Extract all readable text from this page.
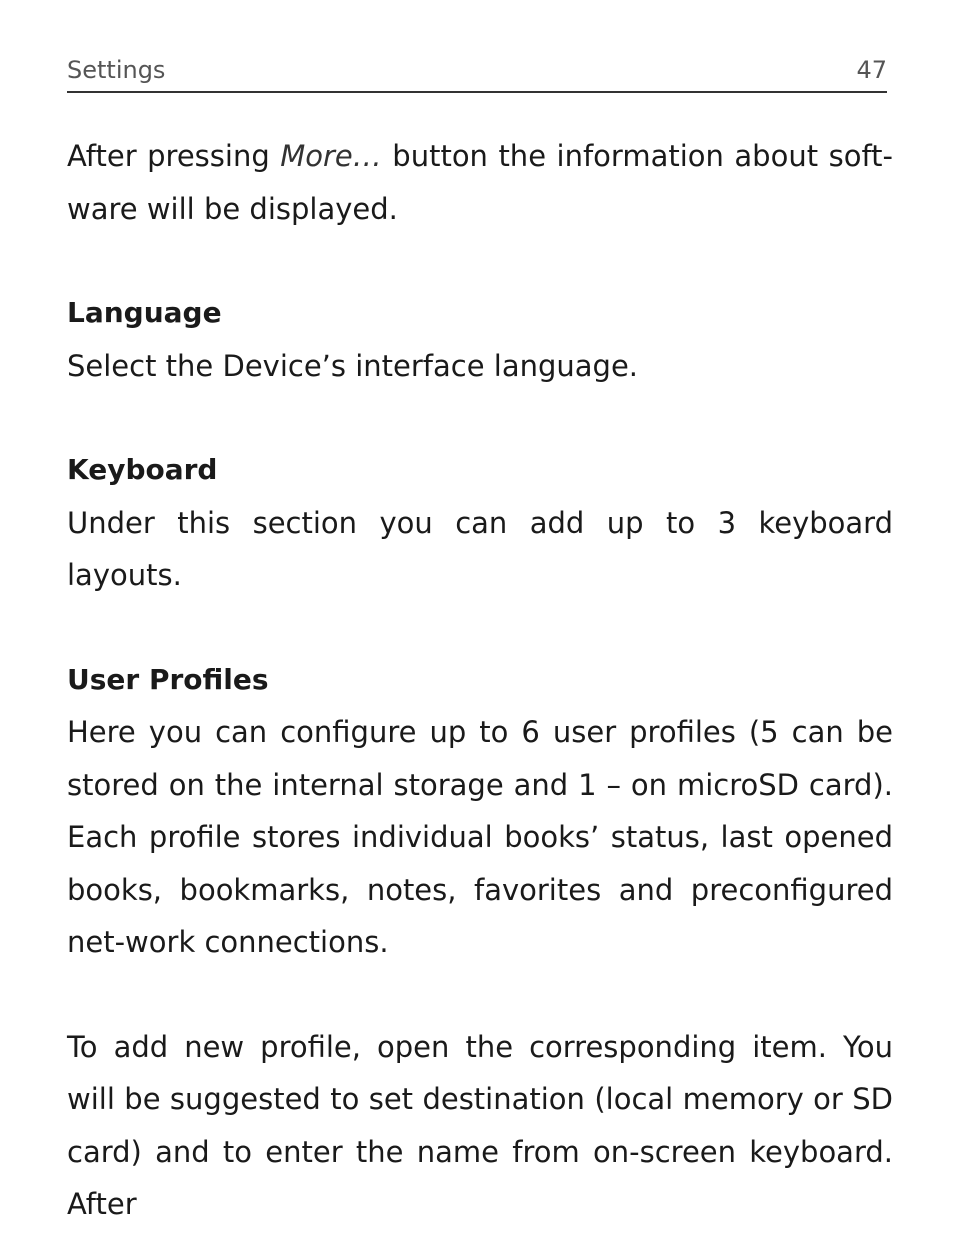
Settings	47

After pressing More… button the information about soft-ware will be displayed.

Language

Select the Device’s interface language.

Keyboard

Under this section you can add up to 3 keyboard layouts.

User Profiles

Here you can configure up to 6 user profiles (5 can be stored on the internal storage and 1 – on microSD card). Each profile stores individual books’ status, last opened books, bookmarks, notes, favorites and preconfigured net-work connections.

To add new profile, open the corresponding item. You will be suggested to set destination (local memory or SD card) and to enter the name from on-screen keyboard. After
